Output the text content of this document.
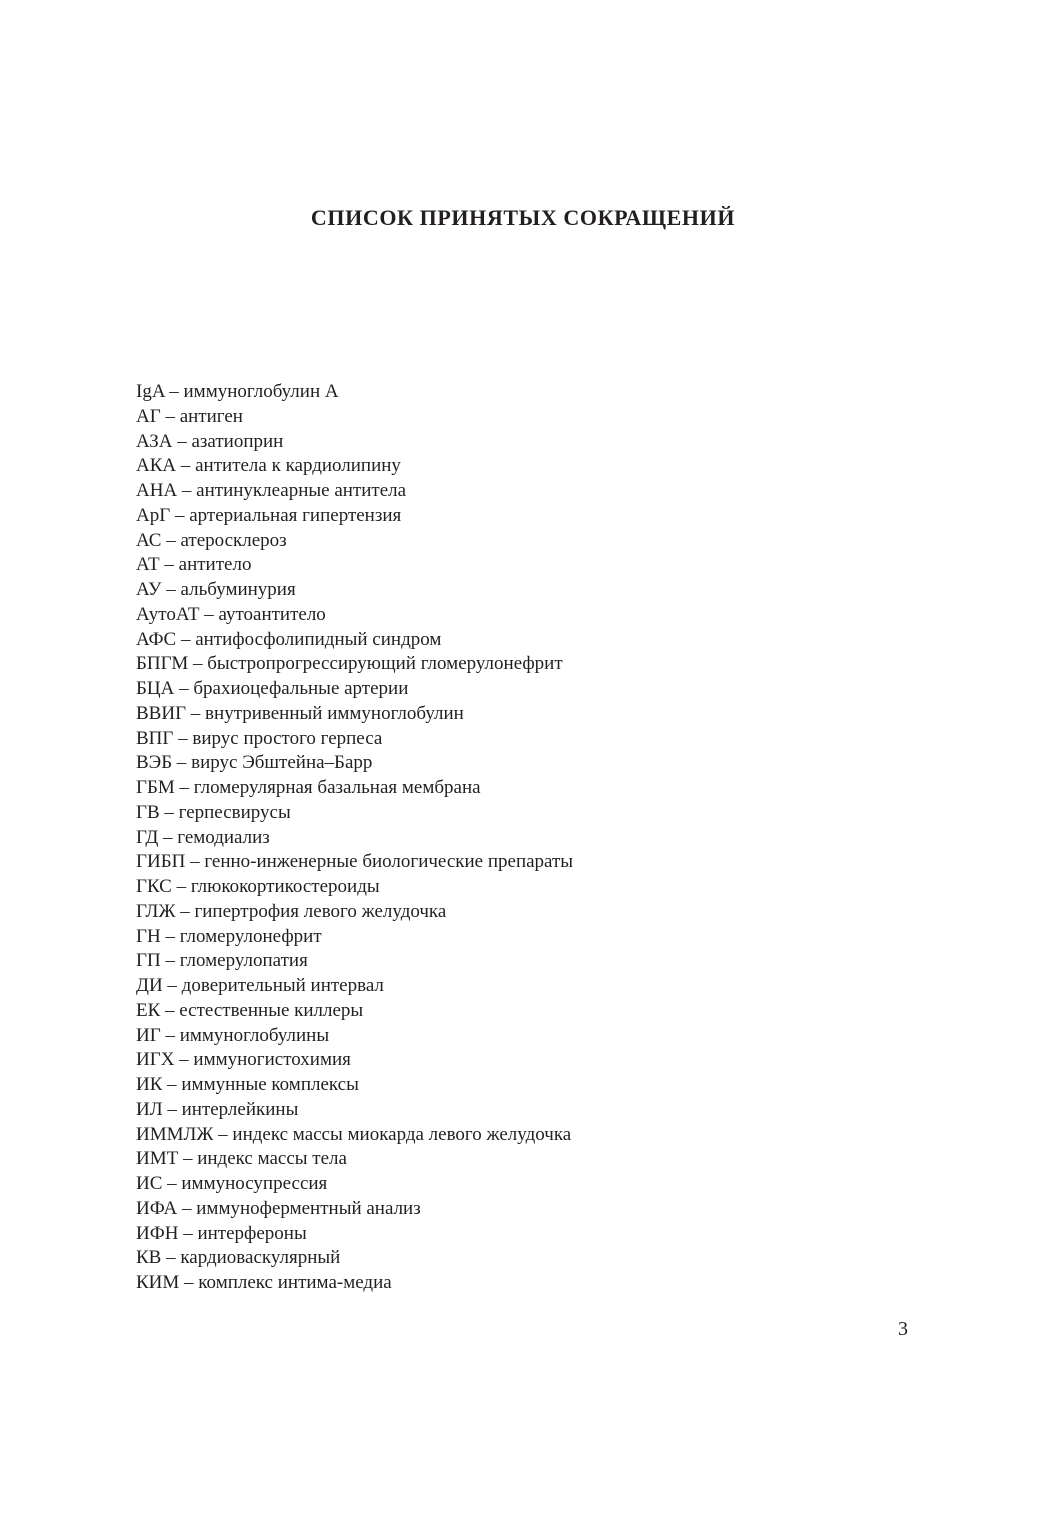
СПИСОК ПРИНЯТЫХ СОКРАЩЕНИЙ
IgA – иммуноглобулин А
АГ – антиген
АЗА – азатиоприн
АКА – антитела к кардиолипину
АНА – антинуклеарные антитела
АрГ – артериальная гипертензия
АС – атеросклероз
АТ – антитело
АУ – альбуминурия
АутоАТ – аутоантитело
АФС – антифосфолипидный синдром
БПГМ – быстропрогрессирующий гломерулонефрит
БЦА – брахиоцефальные артерии
ВВИГ – внутривенный иммуноглобулин
ВПГ – вирус простого герпеса
ВЭБ – вирус Эбштейна–Барр
ГБМ – гломерулярная базальная мембрана
ГВ – герпесвирусы
ГД – гемодиализ
ГИБП – генно-инженерные биологические препараты
ГКС – глюкокортикостероиды
ГЛЖ – гипертрофия левого желудочка
ГН – гломерулонефрит
ГП – гломерулопатия
ДИ – доверительный интервал
ЕК – естественные киллеры
ИГ – иммуноглобулины
ИГХ – иммуногистохимия
ИК – иммунные комплексы
ИЛ – интерлейкины
ИММЛЖ – индекс массы миокарда левого желудочка
ИМТ – индекс массы тела
ИС – иммуносупрессия
ИФА – иммуноферментный анализ
ИФН – интерфероны
КВ – кардиоваскулярный
КИМ – комплекс интима-медиа
3
